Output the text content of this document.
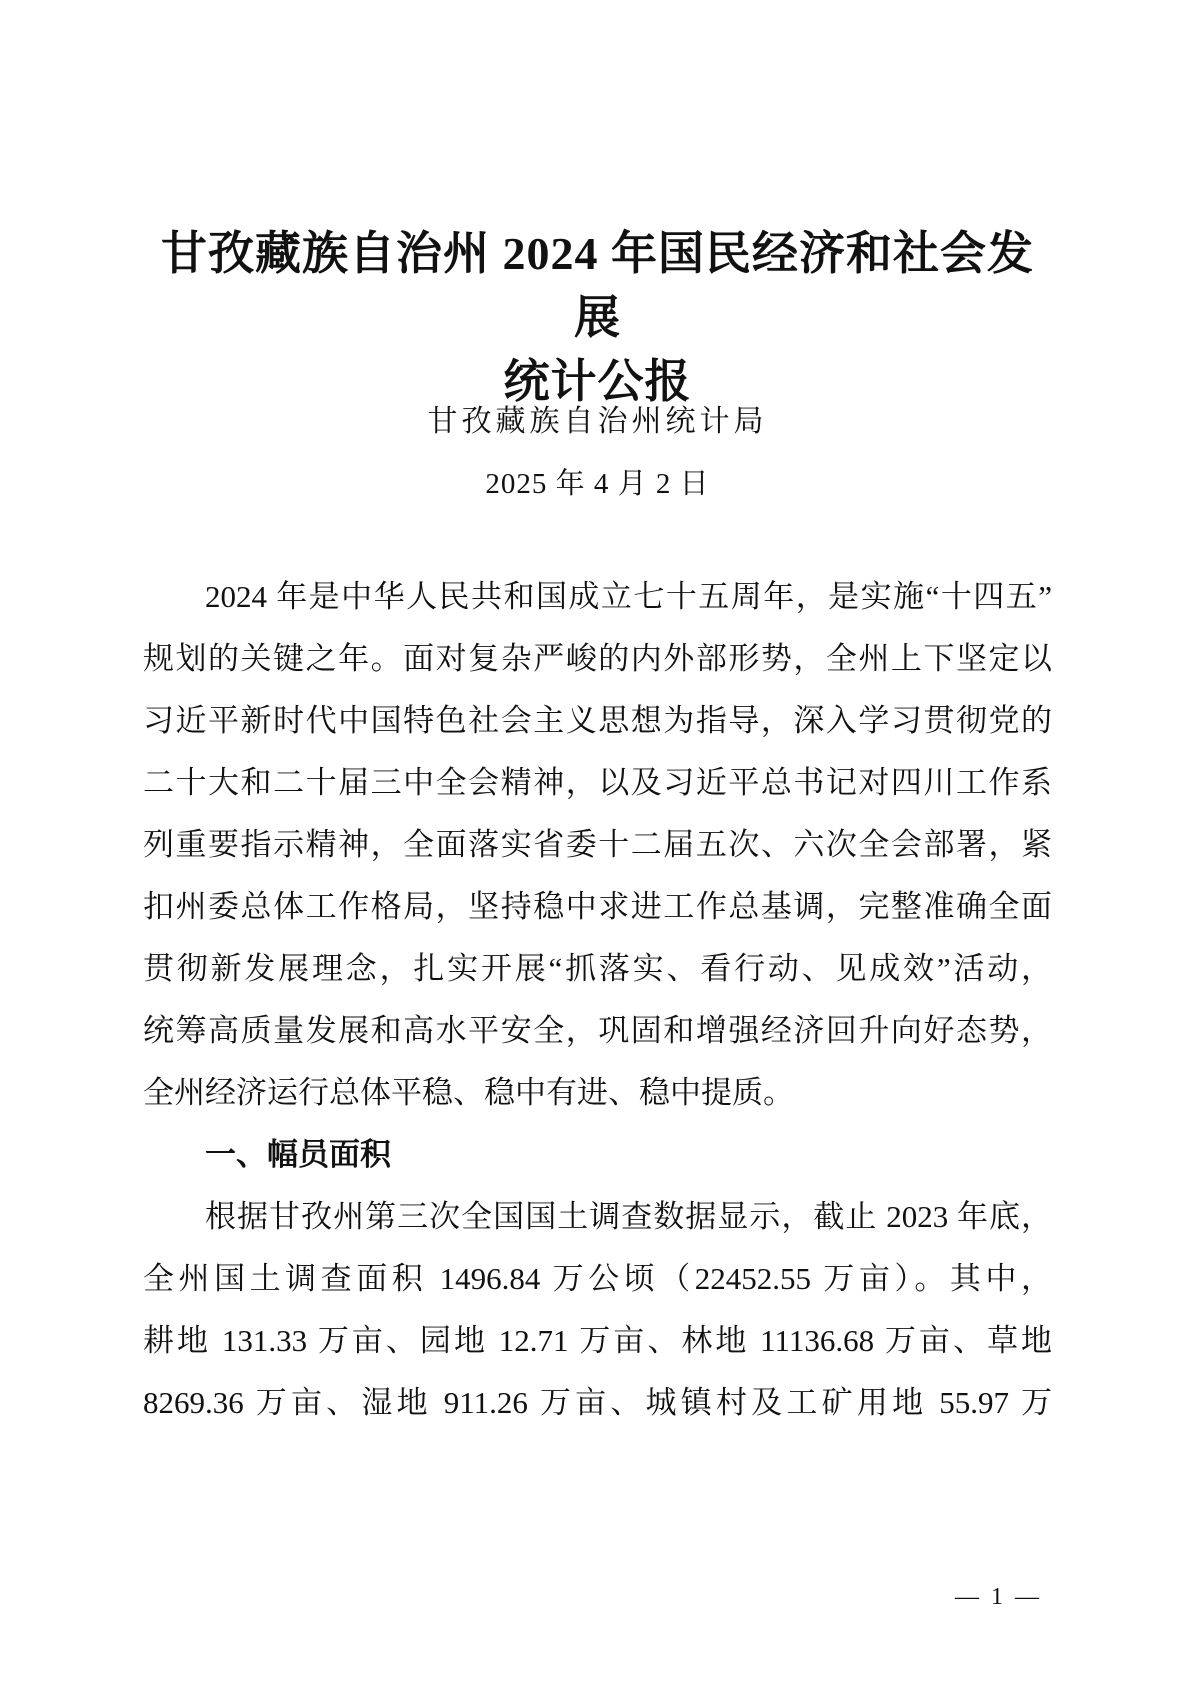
甘孜藏族自治州 2024 年国民经济和社会发展
统计公报
甘孜藏族自治州统计局
2025 年 4 月 2 日
2024 年是中华人民共和国成立七十五周年，是实施“十四五”
规划的关键之年。面对复杂严峻的内外部形势，全州上下坚定以
习近平新时代中国特色社会主义思想为指导，深入学习贯彻党的
二十大和二十届三中全会精神，以及习近平总书记对四川工作系
列重要指示精神，全面落实省委十二届五次、六次全会部署，紧
扣州委总体工作格局，坚持稳中求进工作总基调，完整准确全面
贯彻新发展理念，扎实开展“抓落实、看行动、见成效”活动，
统筹高质量发展和高水平安全，巩固和增强经济回升向好态势，
全州经济运行总体平稳、稳中有进、稳中提质。
一、幅员面积
根据甘孜州第三次全国国土调查数据显示，截止 2023 年底，
全州国土调查面积 1496.84 万公顷（22452.55 万亩）。其中，
耕地 131.33 万亩、园地 12.71 万亩、林地 11136.68 万亩、草地
8269.36 万亩、湿地 911.26 万亩、城镇村及工矿用地 55.97 万
— 1 —
